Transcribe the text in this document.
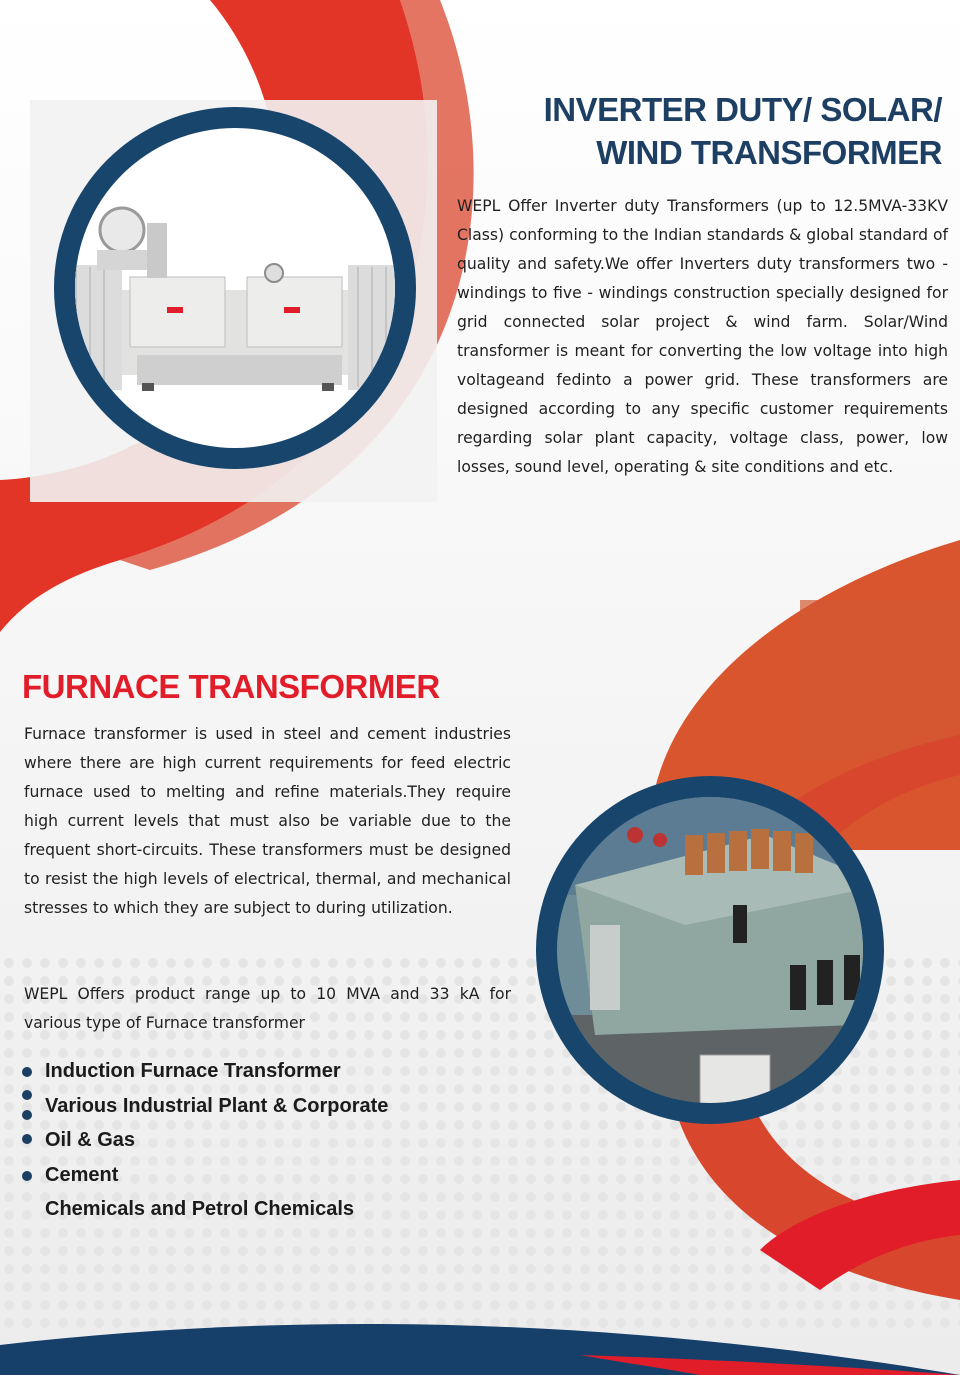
INVERTER DUTY/ SOLAR/
WIND TRANSFORMER

WEPL Offer Inverter duty Transformers (up to 12.5MVA-33KV Class) conforming to the Indian standards & global standard of quality and safety.We offer Inverters duty transformers two - windings to five - windings construction specially designed for grid connected solar project & wind farm. Solar/Wind transformer is meant for converting the low voltage into high voltageand fedinto a power grid. These transformers are designed according to any specific customer requirements regarding solar plant capacity, voltage class, power, low losses, sound level, operating & site conditions and etc.

FURNACE TRANSFORMER

Furnace transformer is used in steel and cement industries where there are high current requirements for feed electric furnace used to melting and refine materials.They require high current levels that must also be variable due to the frequent short-circuits. These transformers must be designed to resist the high levels of electrical, thermal, and mechanical stresses to which they are subject to during utilization.

WEPL Offers product range up to 10 MVA and 33 kA for various type of Furnace transformer

Induction Furnace Transformer
Various Industrial Plant & Corporate
Oil & Gas
Cement
Chemicals and Petrol Chemicals
